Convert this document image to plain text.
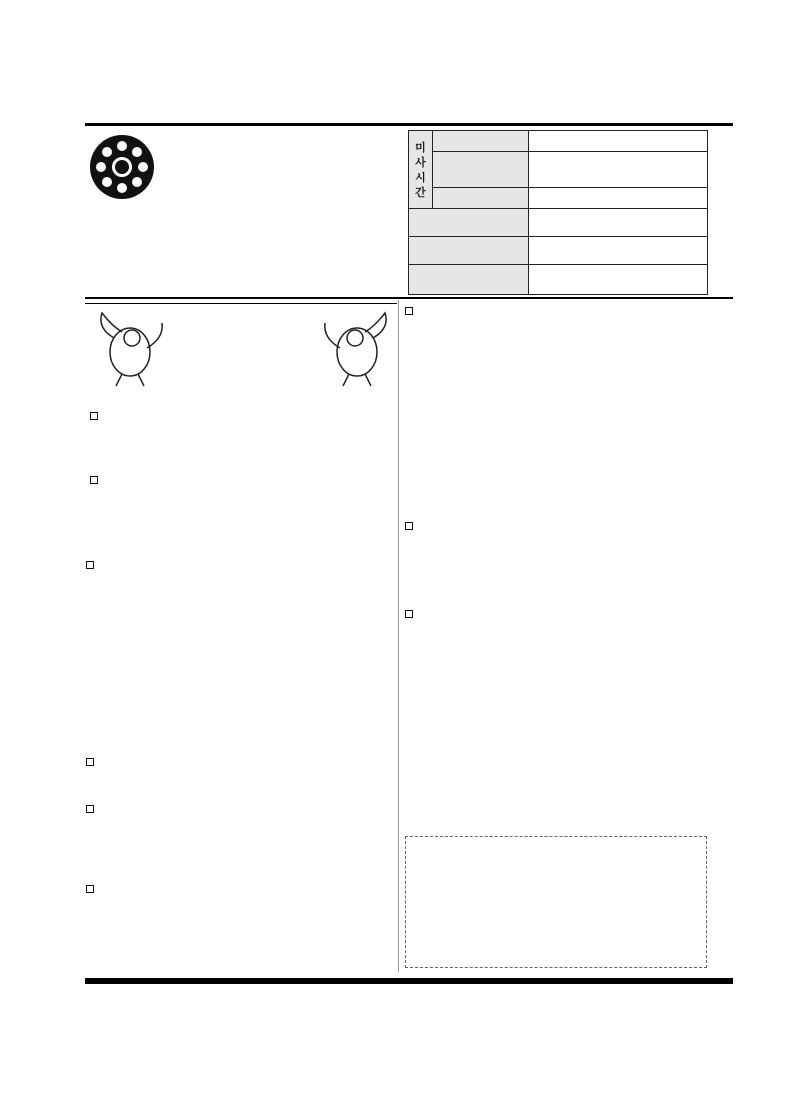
미
사
시
간		
